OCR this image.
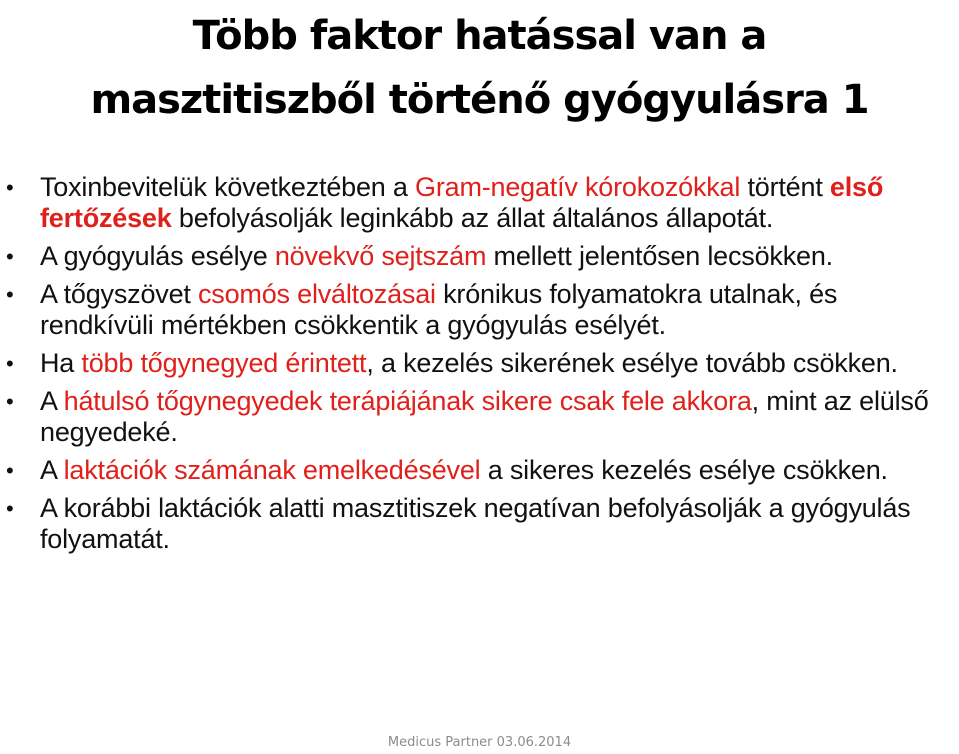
Több faktor hatással van a
masztitiszből történő gyógyulásra 1
• Toxinbevitelük következtében a Gram-negatív kórokozókkal történt első fertőzések befolyásolják leginkább az állat általános állapotát.
• A gyógyulás esélye növekvő sejtszám mellett jelentősen lecsökken.
• A tőgyszövet csomós elváltozásai krónikus folyamatokra utalnak, és rendkívüli mértékben csökkentik a gyógyulás esélyét.
• Ha több tőgynegyed érintett, a kezelés sikerének esélye tovább csökken.
• A hátulsó tőgynegyedek terápiájának sikere csak fele akkora, mint az elülső negyedeké.
• A laktációk számának emelkedésével a sikeres kezelés esélye csökken.
• A korábbi laktációk alatti masztitiszek negatívan befolyásolják a gyógyulás folyamatát.
Medicus Partner 03.06.2014
